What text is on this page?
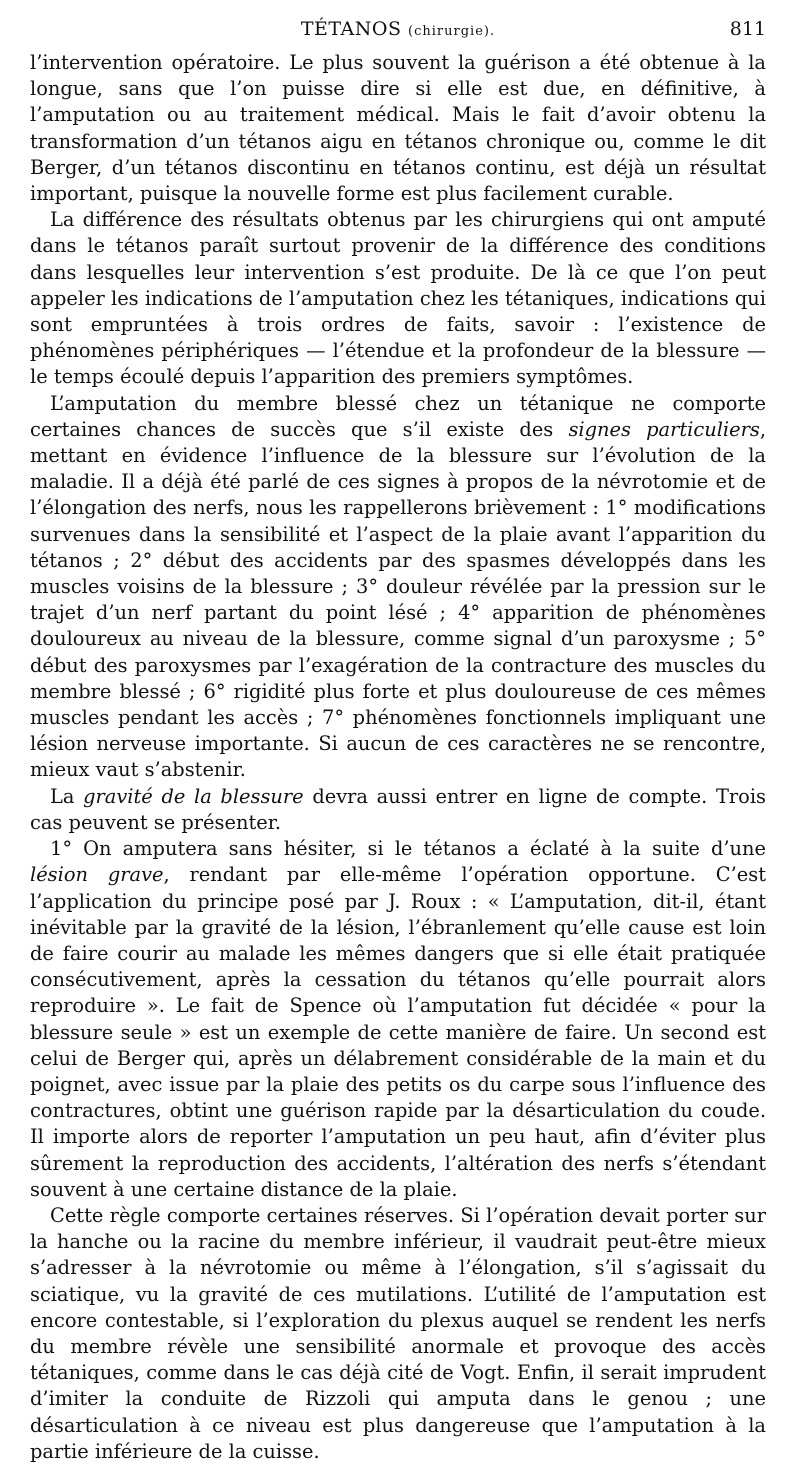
TÉTANOS (chirurgie).	811

l’intervention opératoire. Le plus souvent la guérison a été obtenue à la longue, sans que l’on puisse dire si elle est due, en définitive, à l’amputation ou au traitement médical. Mais le fait d’avoir obtenu la transformation d’un tétanos aigu en tétanos chronique ou, comme le dit Berger, d’un tétanos discontinu en tétanos continu, est déjà un résultat important, puisque la nouvelle forme est plus facilement curable.

La différence des résultats obtenus par les chirurgiens qui ont amputé dans le tétanos paraît surtout provenir de la différence des conditions dans lesquelles leur intervention s’est produite. De là ce que l’on peut appeler les indications de l’amputation chez les tétaniques, indications qui sont empruntées à trois ordres de faits, savoir : l’existence de phénomènes périphériques — l’étendue et la profondeur de la blessure — le temps écoulé depuis l’apparition des premiers symptômes.

L’amputation du membre blessé chez un tétanique ne comporte certaines chances de succès que s’il existe des signes particuliers, mettant en évidence l’influence de la blessure sur l’évolution de la maladie. Il a déjà été parlé de ces signes à propos de la névrotomie et de l’élongation des nerfs, nous les rappellerons brièvement : 1° modifications survenues dans la sensibilité et l’aspect de la plaie avant l’apparition du tétanos ; 2° début des accidents par des spasmes développés dans les muscles voisins de la blessure ; 3° douleur révélée par la pression sur le trajet d’un nerf partant du point lésé ; 4° apparition de phénomènes douloureux au niveau de la blessure, comme signal d’un paroxysme ; 5° début des paroxysmes par l’exagération de la contracture des muscles du membre blessé ; 6° rigidité plus forte et plus douloureuse de ces mêmes muscles pendant les accès ; 7° phénomènes fonctionnels impliquant une lésion nerveuse importante. Si aucun de ces caractères ne se rencontre, mieux vaut s’abstenir.

La gravité de la blessure devra aussi entrer en ligne de compte. Trois cas peuvent se présenter.

1° On amputera sans hésiter, si le tétanos a éclaté à la suite d’une lésion grave, rendant par elle-même l’opération opportune. C’est l’application du principe posé par J. Roux : « L’amputation, dit-il, étant inévitable par la gravité de la lésion, l’ébranlement qu’elle cause est loin de faire courir au malade les mêmes dangers que si elle était pratiquée consécutivement, après la cessation du tétanos qu’elle pourrait alors reproduire ». Le fait de Spence où l’amputation fut décidée « pour la blessure seule » est un exemple de cette manière de faire. Un second est celui de Berger qui, après un délabrement considérable de la main et du poignet, avec issue par la plaie des petits os du carpe sous l’influence des contractures, obtint une guérison rapide par la désarticulation du coude. Il importe alors de reporter l’amputation un peu haut, afin d’éviter plus sûrement la reproduction des accidents, l’altération des nerfs s’étendant souvent à une certaine distance de la plaie.

Cette règle comporte certaines réserves. Si l’opération devait porter sur la hanche ou la racine du membre inférieur, il vaudrait peut-être mieux s’adresser à la névrotomie ou même à l’élongation, s’il s’agissait du sciatique, vu la gravité de ces mutilations. L’utilité de l’amputation est encore contestable, si l’exploration du plexus auquel se rendent les nerfs du membre révèle une sensibilité anormale et provoque des accès tétaniques, comme dans le cas déjà cité de Vogt. Enfin, il serait imprudent d’imiter la conduite de Rizzoli qui amputa dans le genou ; une désarticulation à ce niveau est plus dangereuse que l’amputation à la partie inférieure de la cuisse.
